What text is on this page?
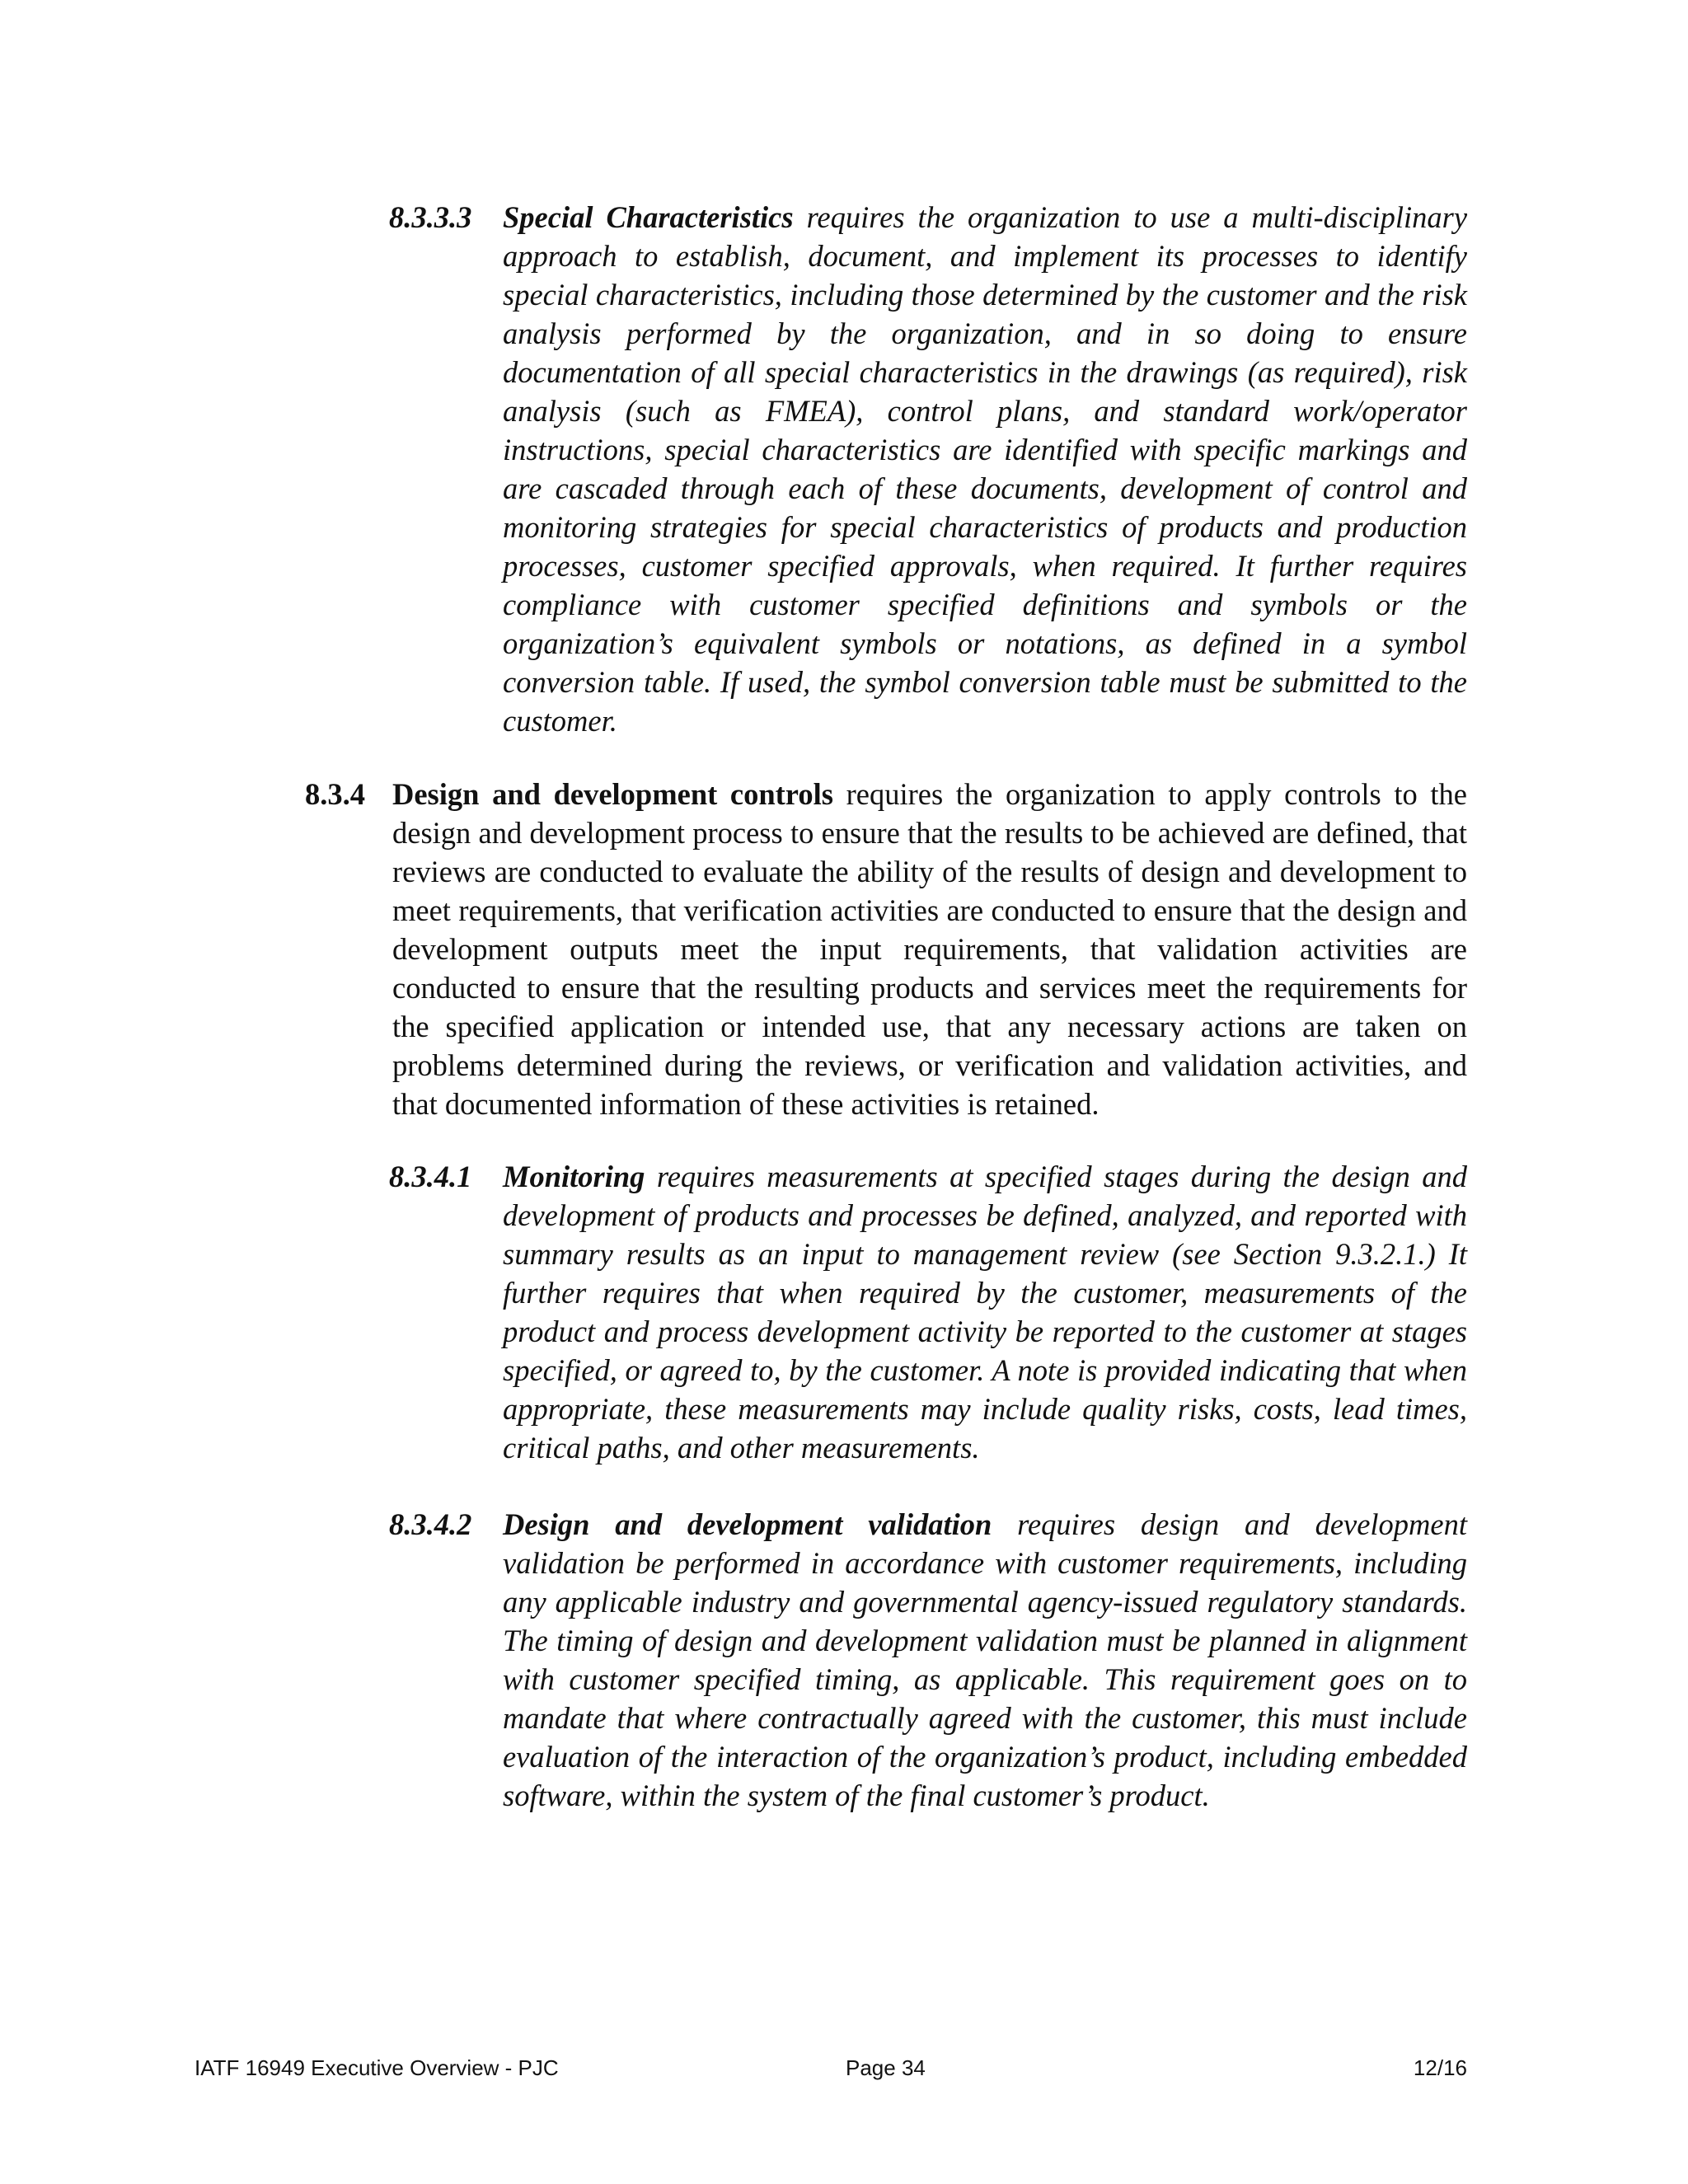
8.3.3.3 Special Characteristics requires the organization to use a multi-disciplinary approach to establish, document, and implement its processes to identify special characteristics, including those determined by the customer and the risk analysis performed by the organization, and in so doing to ensure documentation of all special characteristics in the drawings (as required), risk analysis (such as FMEA), control plans, and standard work/operator instructions, special characteristics are identified with specific markings and are cascaded through each of these documents, development of control and monitoring strategies for special characteristics of products and production processes, customer specified approvals, when required. It further requires compliance with customer specified definitions and symbols or the organization’s equivalent symbols or notations, as defined in a symbol conversion table. If used, the symbol conversion table must be submitted to the customer.

8.3.4 Design and development controls requires the organization to apply controls to the design and development process to ensure that the results to be achieved are defined, that reviews are conducted to evaluate the ability of the results of design and development to meet requirements, that verification activities are conducted to ensure that the design and development outputs meet the input requirements, that validation activities are conducted to ensure that the resulting products and services meet the requirements for the specified application or intended use, that any necessary actions are taken on problems determined during the reviews, or verification and validation activities, and that documented information of these activities is retained.

8.3.4.1 Monitoring requires measurements at specified stages during the design and development of products and processes be defined, analyzed, and reported with summary results as an input to management review (see Section 9.3.2.1.) It further requires that when required by the customer, measurements of the product and process development activity be reported to the customer at stages specified, or agreed to, by the customer. A note is provided indicating that when appropriate, these measurements may include quality risks, costs, lead times, critical paths, and other measurements.

8.3.4.2 Design and development validation requires design and development validation be performed in accordance with customer requirements, including any applicable industry and governmental agency-issued regulatory standards. The timing of design and development validation must be planned in alignment with customer specified timing, as applicable. This requirement goes on to mandate that where contractually agreed with the customer, this must include evaluation of the interaction of the organization’s product, including embedded software, within the system of the final customer’s product.

IATF 16949 Executive Overview - PJC	Page 34	12/16
